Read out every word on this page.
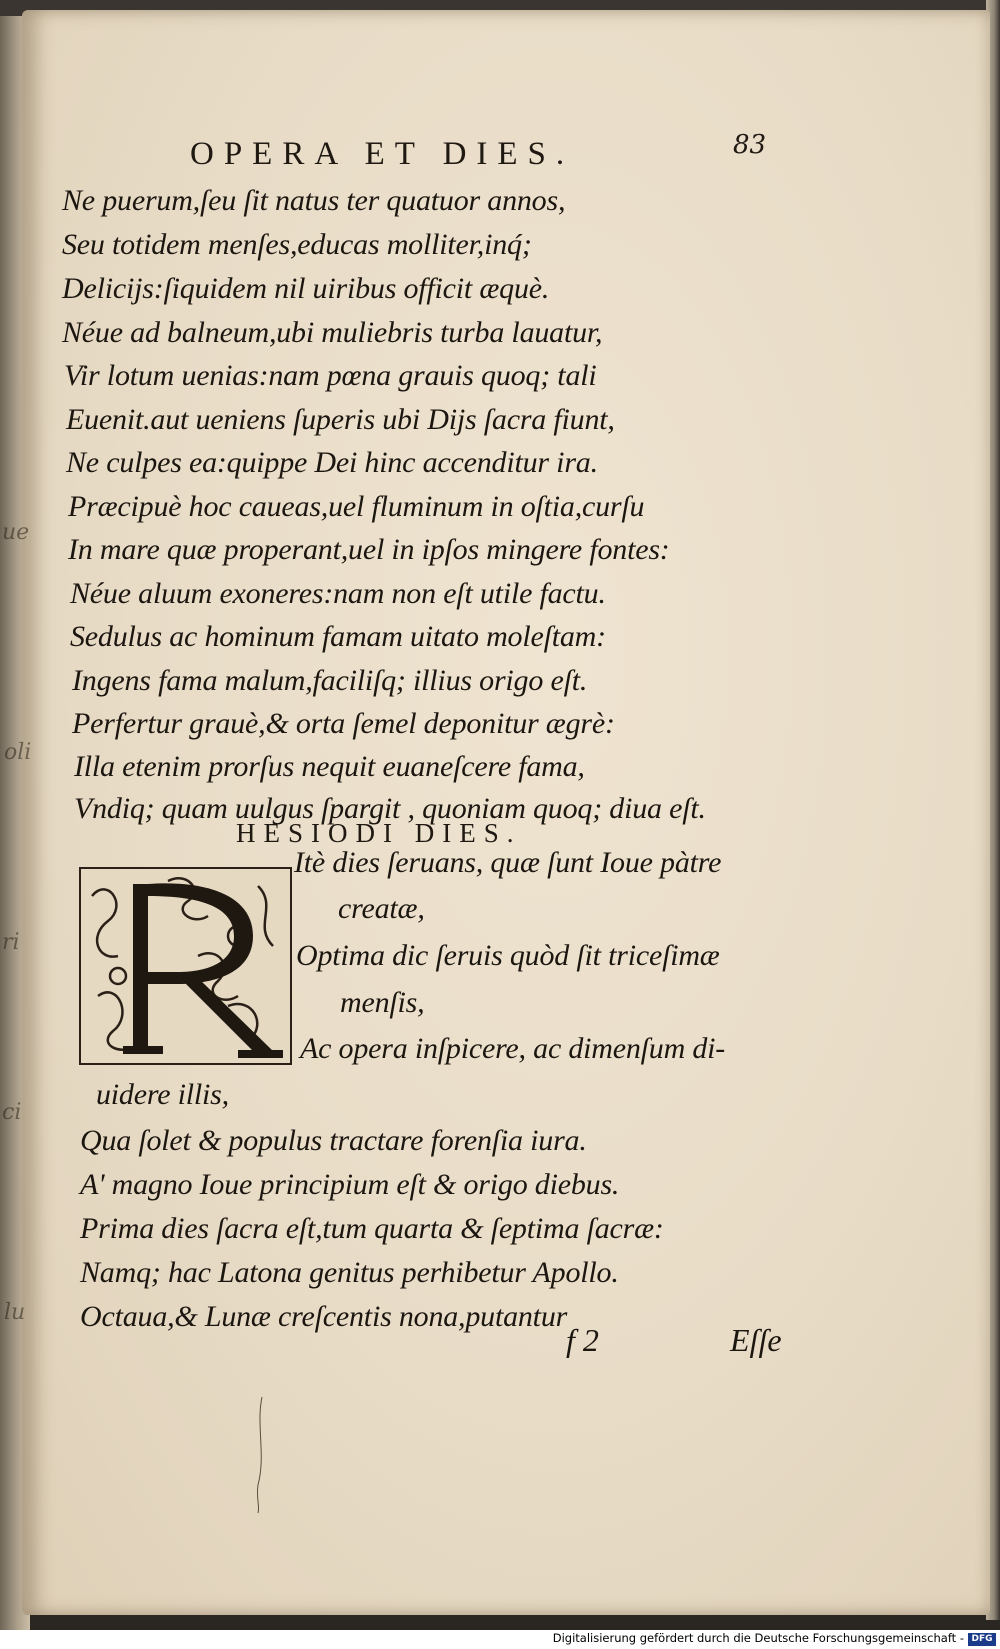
ue
oli
ri
ci
lu
OPERA ET DIES.	83

Ne puerum,ſeu ſit natus ter quatuor annos,

Seu totidem menſes,educas molliter,inq́;

Delicijs:ſiquidem nil uiribus officit æquè.

Néue ad balneum,ubi muliebris turba lauatur,

Vir lotum uenias:nam pœna grauis quoq; tali

Euenit.aut ueniens ſuperis ubi Dijs ſacra fiunt,

Ne culpes ea:quippe Dei hinc accenditur ira.

Præcipuè hoc caueas,uel fluminum in oſtia,curſu

In mare quæ properant,uel in ipſos mingere fontes:

Néue aluum exoneres:nam non eſt utile factu.

Sedulus ac hominum famam uitato moleſtam:

Ingens fama malum,faciliſq; illius origo eſt.

Perfertur grauè,& orta ſemel deponitur ægrè:

Illa etenim prorſus nequit euaneſcere fama,

Vndiq; quam uulgus ſpargit , quoniam quoq; diua eſt.

HESIODI DIES.

Itè dies ſeruans, quæ ſunt Ioue pàtre

creatæ,

Optima dic ſeruis quòd ſit triceſimæ

menſis,

Ac opera inſpicere, ac dimenſum di-

uidere illis,

Qua ſolet & populus tractare forenſia iura.

A' magno Ioue principium eſt & origo diebus.

Prima dies ſacra eſt,tum quarta & ſeptima ſacræ:

Namq; hac Latona genitus perhibetur Apollo.

Octaua,& Lunæ creſcentis nona,putantur

f 2	Eſſe

Digitalisierung gefördert durch die Deutsche Forschungsgemeinschaft - DFG
